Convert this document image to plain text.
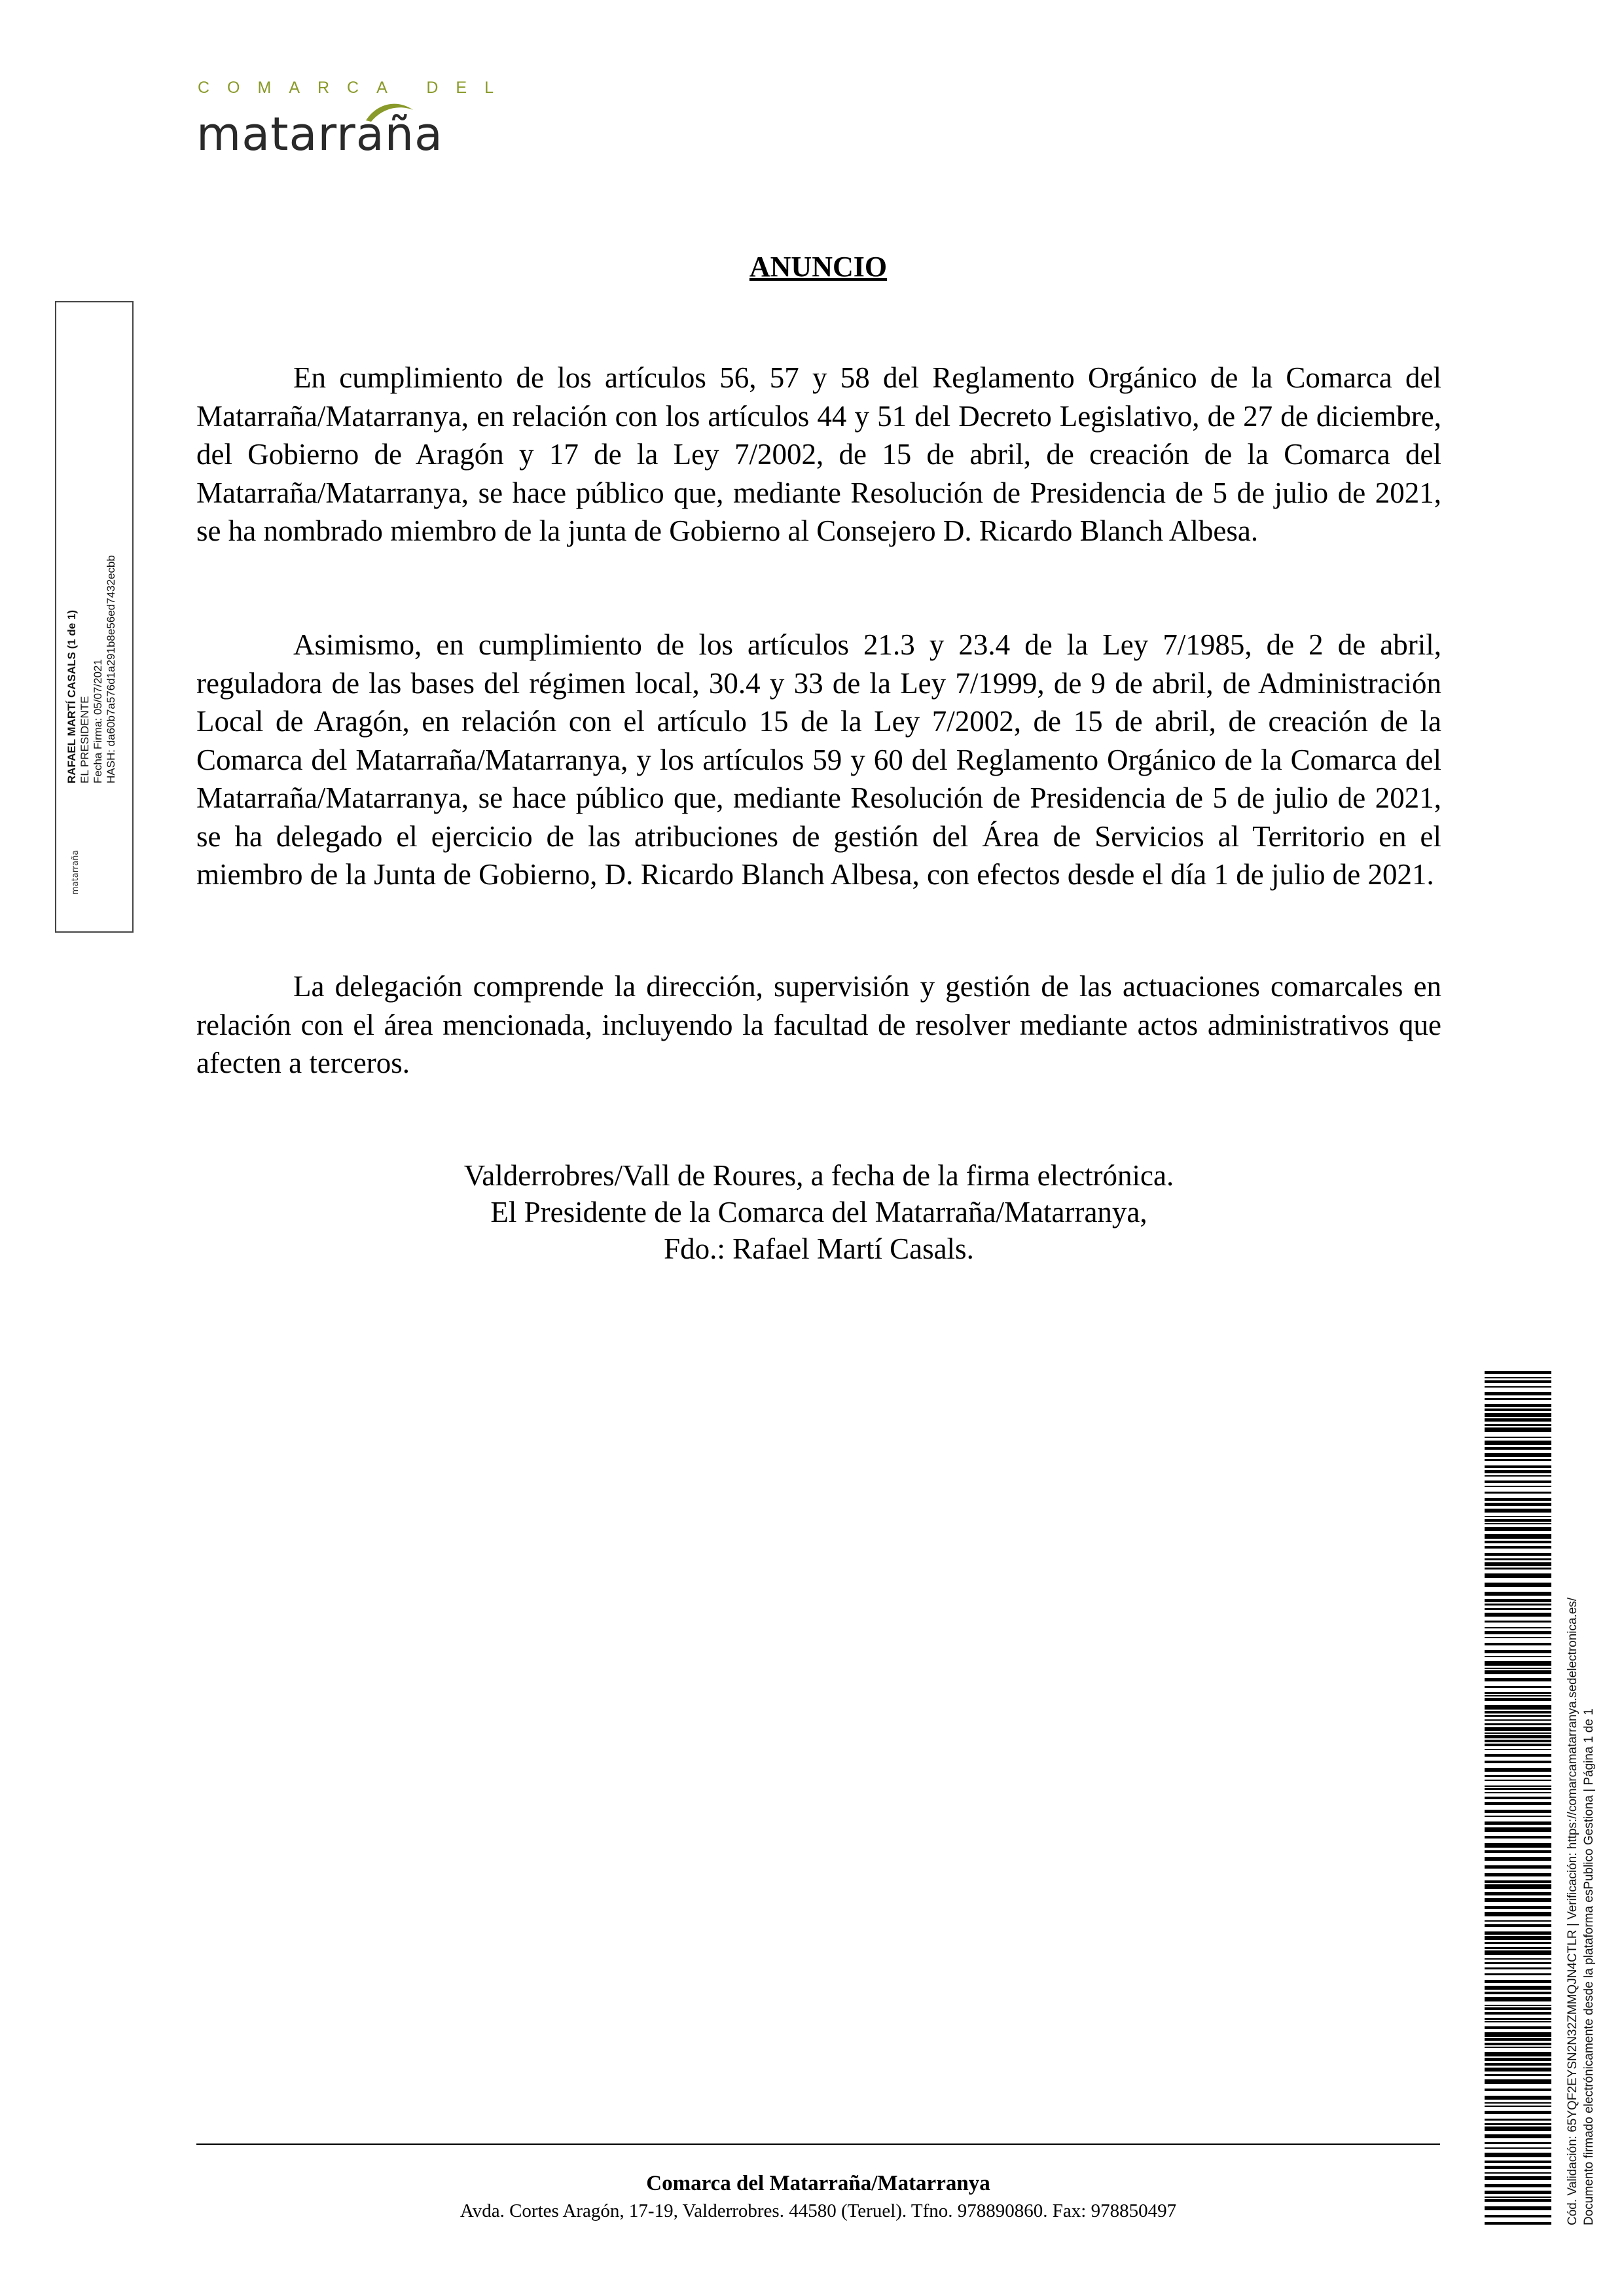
COMARCA DEL
matarraña
ANUNCIO

En cumplimiento de los artículos 56, 57 y 58 del Reglamento Orgánico de la Comarca del Matarraña/Matarranya, en relación con los artículos 44 y 51 del Decreto Legislativo, de 27 de diciembre, del Gobierno de Aragón y 17 de la Ley 7/2002, de 15 de abril, de creación de la Comarca del Matarraña/Matarranya, se hace público que, mediante Resolución de Presidencia de 5 de julio de 2021, se ha nombrado miembro de la junta de Gobierno al Consejero D. Ricardo Blanch Albesa.

Asimismo, en cumplimiento de los artículos 21.3 y 23.4 de la Ley 7/1985, de 2 de abril, reguladora de las bases del régimen local, 30.4 y 33 de la Ley 7/1999, de 9 de abril, de Administración Local de Aragón, en relación con el artículo 15 de la Ley 7/2002, de 15 de abril, de creación de la Comarca del Matarraña/Matarranya, y los artículos 59 y 60 del Reglamento Orgánico de la Comarca del Matarraña/Matarranya, se hace público que, mediante Resolución de Presidencia de 5 de julio de 2021, se ha delegado el ejercicio de las atribuciones de gestión del Área de Servicios al Territorio en el miembro de la Junta de Gobierno, D. Ricardo Blanch Albesa, con efectos desde el día 1 de julio de 2021.

La delegación comprende la dirección, supervisión y gestión de las actuaciones comarcales en relación con el área mencionada, incluyendo la facultad de resolver mediante actos administrativos que afecten a terceros.

Valderrobres/Vall de Roures, a fecha de la firma electrónica.
El Presidente de la Comarca del Matarraña/Matarranya,
Fdo.: Rafael Martí Casals.
matarraña
RAFAEL MARTÍ CASALS (1 de 1) EL PRESIDENTE Fecha Firma: 05/07/2021 HASH: da60b7a576d1a291b8e56ed7432ecbb
Cód. Validación: 65YQF2EYSN2N32ZMMQJN4CTLR | Verificación: https://comarcamatarranya.sedelectronica.es/ Documento firmado electrónicamente desde la plataforma esPublico Gestiona | Página 1 de 1
Comarca del Matarraña/Matarranya
Avda. Cortes Aragón, 17-19, Valderrobres. 44580 (Teruel). Tfno. 978890860. Fax: 978850497
